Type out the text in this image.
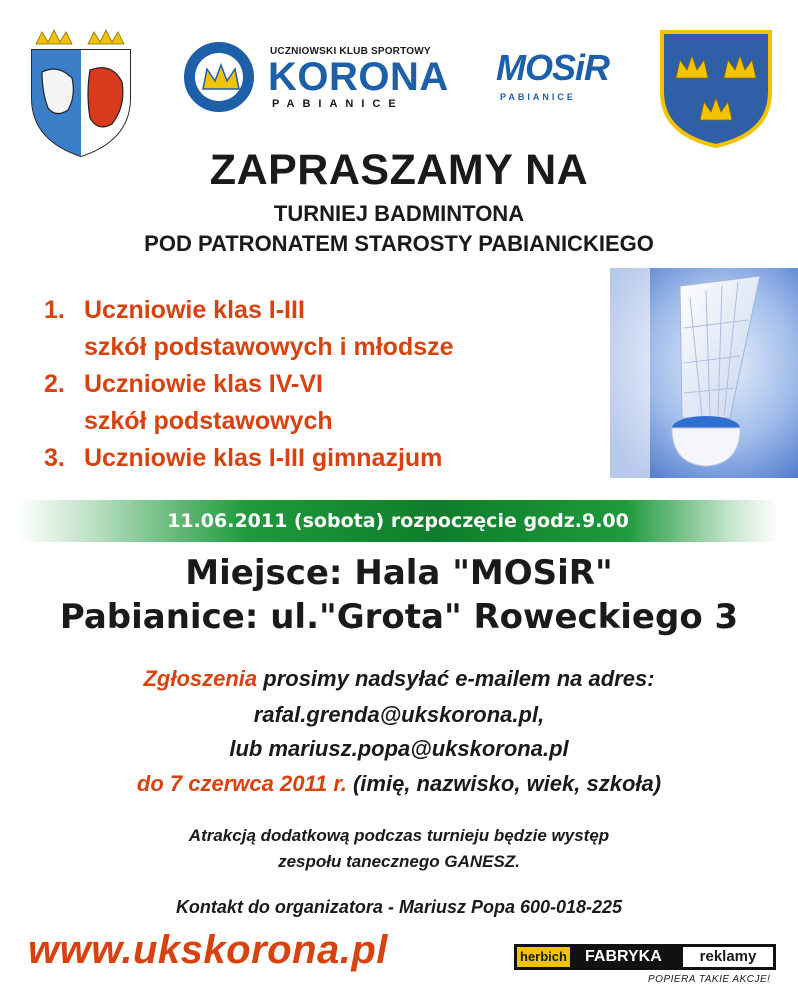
UCZNIOWSKI KLUB SPORTOWY
KORONA
PABIANICE
MOSiR
PABIANICE
ZAPRASZAMY NA
TURNIEJ BADMINTONA
POD PATRONATEM STAROSTY PABIANICKIEGO
1. Uczniowie klas I-III
szkół podstawowych i młodsze
2. Uczniowie klas IV-VI
szkół podstawowych
3. Uczniowie klas I-III gimnazjum
11.06.2011 (sobota) rozpoczęcie godz.9.00
Miejsce: Hala "MOSiR"
Pabianice: ul."Grota" Roweckiego 3
Zgłoszenia prosimy nadsyłać e-mailem na adres:
rafal.grenda@ukskorona.pl,
lub mariusz.popa@ukskorona.pl
do 7 czerwca 2011 r. (imię, nazwisko, wiek, szkoła)
Atrakcją dodatkową podczas turnieju będzie występ
zespołu tanecznego GANESZ.
Kontakt do organizatora - Mariusz Popa 600-018-225
www.ukskorona.pl	herbich FABRYKA	reklamy
POPIERA TAKIE AKCJE!
